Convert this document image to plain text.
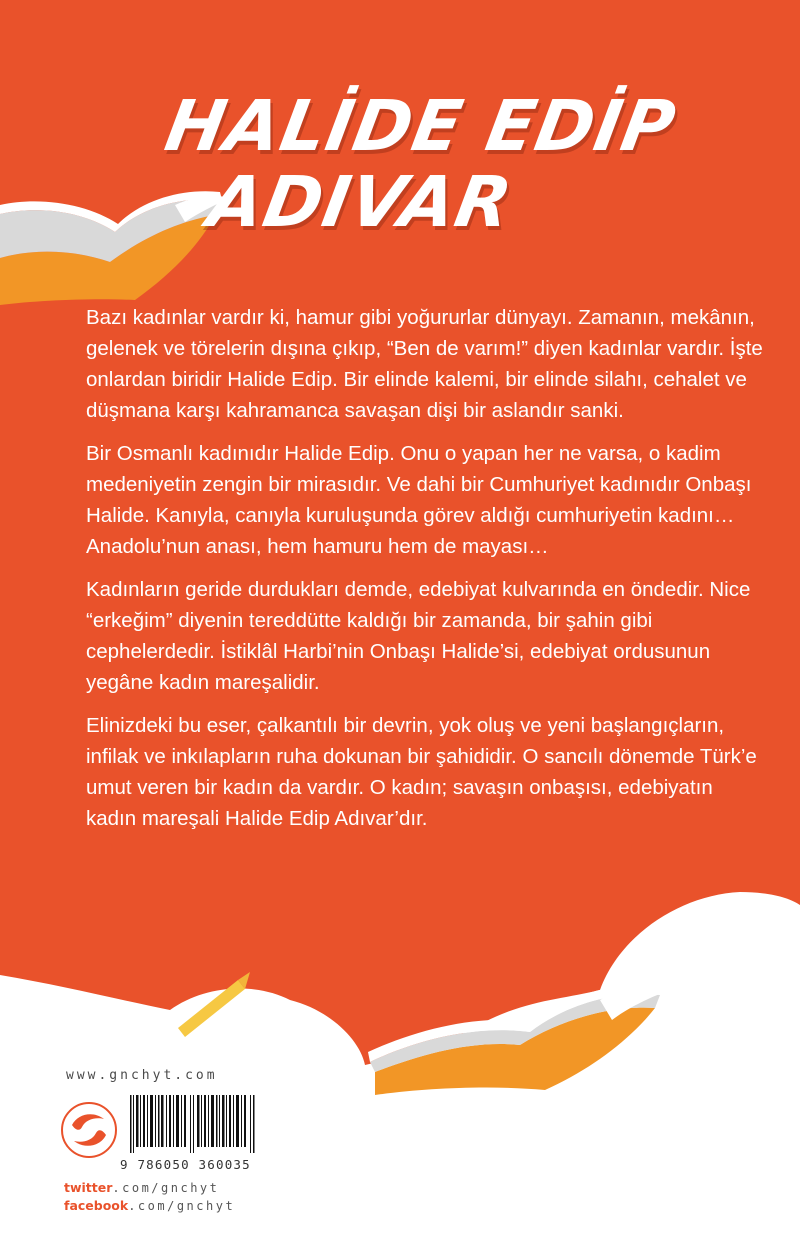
HALİDE EDİP
ADIVAR

Bazı kadınlar vardır ki, hamur gibi yoğururlar dünyayı. Zamanın, mekânın, gelenek ve törelerin dışına çıkıp, “Ben de varım!” diyen kadınlar vardır. İşte onlardan biridir Halide Edip. Bir elinde kalemi, bir elinde silahı, cehalet ve düşmana karşı kahramanca savaşan dişi bir aslandır sanki.

Bir Osmanlı kadınıdır Halide Edip. Onu o yapan her ne varsa, o kadim medeniyetin zengin bir mirasıdır. Ve dahi bir Cumhuriyet kadınıdır Onbaşı Halide. Kanıyla, canıyla kuruluşunda görev aldığı cumhuriyetin kadını… Anadolu’nun anası, hem hamuru hem de mayası…

Kadınların geride durdukları demde, edebiyat kulvarında en öndedir. Nice “erkeğim” diyenin tereddütte kaldığı bir zamanda, bir şahin gibi cephelerdedir. İstiklâl Harbi’nin Onbaşı Halide’si, edebiyat ordusunun yegâne kadın mareşalidir.

Elinizdeki bu eser, çalkantılı bir devrin, yok oluş ve yeni başlangıçların, infilak ve inkılapların ruha dokunan bir şahididir. O sancılı dönemde Türk’e umut veren bir kadın da vardır. O kadın; savaşın onbaşısı, edebiyatın kadın mareşali Halide Edip Adıvar’dır.

www.gnchyt.com
9 786050 360035
twitter.com/gnchyt
facebook.com/gnchyt
